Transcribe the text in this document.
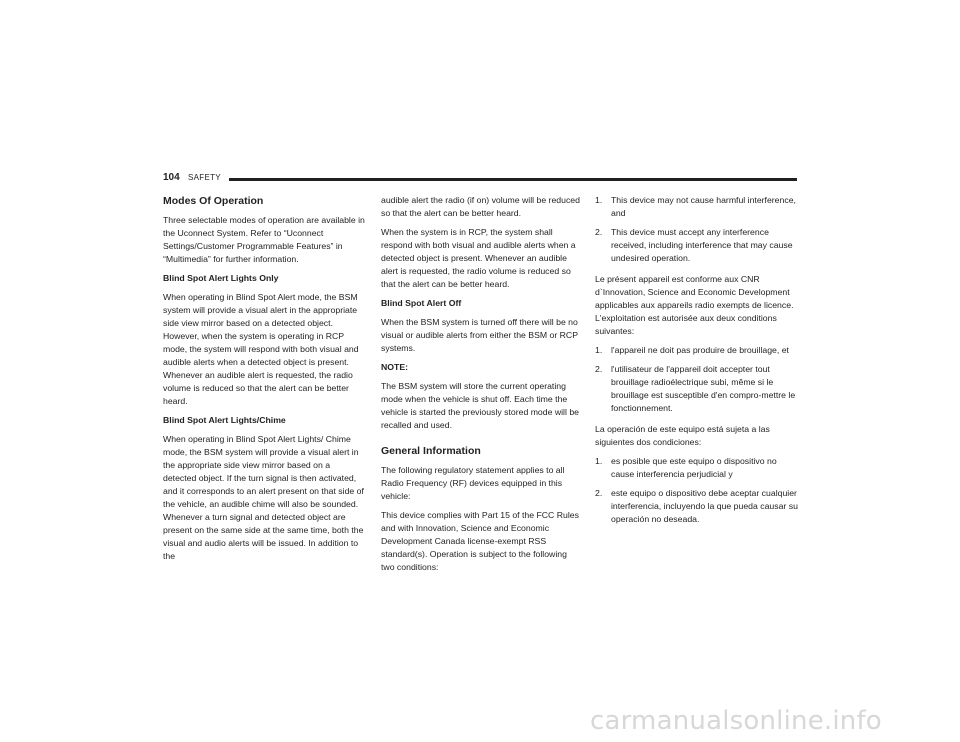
104 SAFETY
Modes Of Operation

Three selectable modes of operation are available in the Uconnect System. Refer to “Uconnect Settings/Customer Programmable Features” in “Multimedia” for further information.

Blind Spot Alert Lights Only

When operating in Blind Spot Alert mode, the BSM system will provide a visual alert in the appropriate side view mirror based on a detected object. However, when the system is operating in RCP mode, the system will respond with both visual and audible alerts when a detected object is present. Whenever an audible alert is requested, the radio volume is reduced so that the alert can be better heard.

Blind Spot Alert Lights/Chime

When operating in Blind Spot Alert Lights/ Chime mode, the BSM system will provide a visual alert in the appropriate side view mirror based on a detected object. If the turn signal is then activated, and it corresponds to an alert present on that side of the vehicle, an audible chime will also be sounded. Whenever a turn signal and detected object are present on the same side at the same time, both the visual and audio alerts will be issued. In addition to the

audible alert the radio (if on) volume will be reduced so that the alert can be better heard.

When the system is in RCP, the system shall respond with both visual and audible alerts when a detected object is present. Whenever an audible alert is requested, the radio volume is reduced so that the alert can be better heard.

Blind Spot Alert Off

When the BSM system is turned off there will be no visual or audible alerts from either the BSM or RCP systems.

NOTE:

The BSM system will store the current operating mode when the vehicle is shut off. Each time the vehicle is started the previously stored mode will be recalled and used.

General Information

The following regulatory statement applies to all Radio Frequency (RF) devices equipped in this vehicle:

This device complies with Part 15 of the FCC Rules and with Innovation, Science and Economic Development Canada license-exempt RSS standard(s). Operation is subject to the following two conditions:

1. This device may not cause harmful interference, and
2. This device must accept any interference received, including interference that may cause undesired operation.

Le présent appareil est conforme aux CNR d`Innovation, Science and Economic Development applicables aux appareils radio exempts de licence. L'exploitation est autorisée aux deux conditions suivantes:

1. l'appareil ne doit pas produire de brouillage, et
2. l'utilisateur de l'appareil doit accepter tout brouillage radioélectrique subi, même si le brouillage est susceptible d'en compro-mettre le fonctionnement.

La operación de este equipo está sujeta a las siguientes dos condiciones:

1. es posible que este equipo o dispositivo no cause interferencia perjudicial y
2. este equipo o dispositivo debe aceptar cualquier interferencia, incluyendo la que pueda causar su operación no deseada.
carmanualsonline.info
